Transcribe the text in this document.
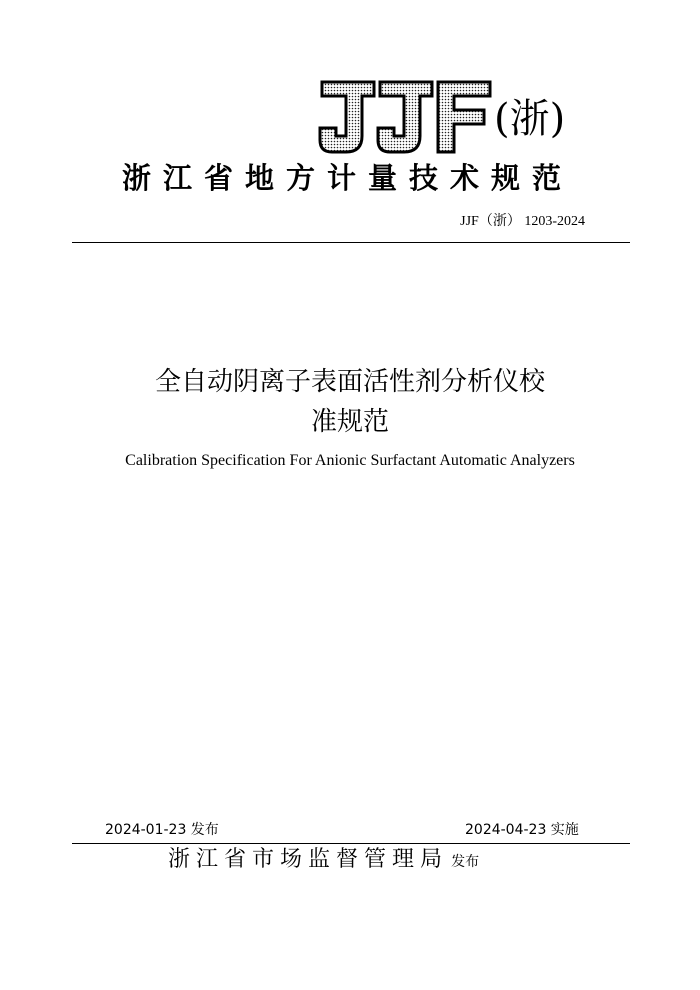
(浙)
浙江省地方计量技术规范
JJF（浙） 1203-2024
全自动阴离子表面活性剂分析仪校
准规范
Calibration Specification For Anionic Surfactant Automatic Analyzers
2024-01-23 发布	2024-04-23 实施
浙江省市场监督管理局 发布
